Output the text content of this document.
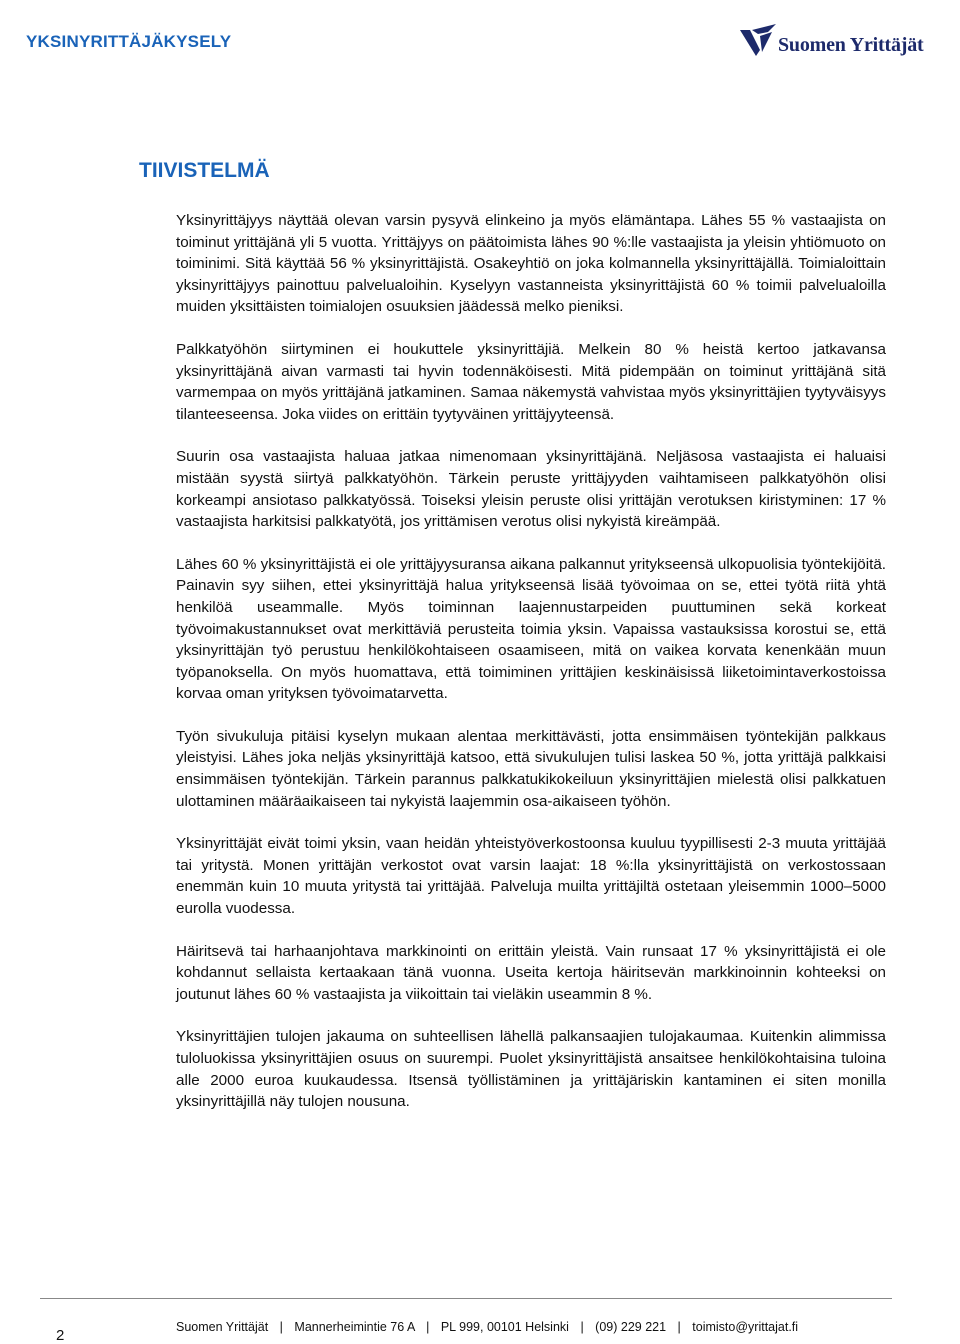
YKSINYRITTÄJÄKYSELY	Suomen Yrittäjät
TIIVISTELMÄ

Yksinyrittäjyys näyttää olevan varsin pysyvä elinkeino ja myös elämäntapa. Lähes 55 % vastaajista on toiminut yrittäjänä yli 5 vuotta. Yrittäjyys on päätoimista lähes 90 %:lle vastaajista ja yleisin yhtiömuoto on toiminimi. Sitä käyttää 56 % yksinyrittäjistä. Osakeyhtiö on joka kolmannella yksinyrittäjällä. Toimialoittain yksinyrittäjyys painottuu palvelualoihin. Kyselyyn vastanneista yksinyrittäjistä 60 % toimii palvelualoilla muiden yksittäisten toimialojen osuuksien jäädessä melko pieniksi.

Palkkatyöhön siirtyminen ei houkuttele yksinyrittäjiä. Melkein 80 % heistä kertoo jatkavansa yksinyrittäjänä aivan varmasti tai hyvin todennäköisesti. Mitä pidempään on toiminut yrittäjänä sitä varmempaa on myös yrittäjänä jatkaminen. Samaa näkemystä vahvistaa myös yksinyrittäjien tyytyväisyys tilanteeseensa. Joka viides on erittäin tyytyväinen yrittäjyyteensä.

Suurin osa vastaajista haluaa jatkaa nimenomaan yksinyrittäjänä. Neljäsosa vastaajista ei haluaisi mistään syystä siirtyä palkkatyöhön. Tärkein peruste yrittäjyyden vaihtamiseen palkkatyöhön olisi korkeampi ansiotaso palkkatyössä. Toiseksi yleisin peruste olisi yrittäjän verotuksen kiristyminen: 17 % vastaajista harkitsisi palkkatyötä, jos yrittämisen verotus olisi nykyistä kireämpää.

Lähes 60 % yksinyrittäjistä ei ole yrittäjyysuransa aikana palkannut yritykseensä ulkopuolisia työntekijöitä. Painavin syy siihen, ettei yksinyrittäjä halua yritykseensä lisää työvoimaa on se, ettei työtä riitä yhtä henkilöä useammalle. Myös toiminnan laajennustarpeiden puuttuminen sekä korkeat työvoimakustannukset ovat merkittäviä perusteita toimia yksin. Vapaissa vastauksissa korostui se, että yksinyrittäjän työ perustuu henkilökohtaiseen osaamiseen, mitä on vaikea korvata kenenkään muun työpanoksella. On myös huomattava, että toimiminen yrittäjien keskinäisissä liiketoimintaverkostoissa korvaa oman yrityksen työvoimatarvetta.

Työn sivukuluja pitäisi kyselyn mukaan alentaa merkittävästi, jotta ensimmäisen työntekijän palkkaus yleistyisi. Lähes joka neljäs yksinyrittäjä katsoo, että sivukulujen tulisi laskea 50 %, jotta yrittäjä palkkaisi ensimmäisen työntekijän. Tärkein parannus palkkatukikokeiluun yksinyrittäjien mielestä olisi palkkatuen ulottaminen määräaikaiseen tai nykyistä laajemmin osa-aikaiseen työhön.

Yksinyrittäjät eivät toimi yksin, vaan heidän yhteistyöverkostoonsa kuuluu tyypillisesti 2-3 muuta yrittäjää tai yritystä. Monen yrittäjän verkostot ovat varsin laajat: 18 %:lla yksinyrittäjistä on verkostossaan enemmän kuin 10 muuta yritystä tai yrittäjää. Palveluja muilta yrittäjiltä ostetaan yleisemmin 1000–5000 eurolla vuodessa.

Häiritsevä tai harhaanjohtava markkinointi on erittäin yleistä. Vain runsaat 17 % yksinyrittäjistä ei ole kohdannut sellaista kertaakaan tänä vuonna. Useita kertoja häiritsevän markkinoinnin kohteeksi on joutunut lähes 60 % vastaajista ja viikoittain tai vieläkin useammin 8 %.

Yksinyrittäjien tulojen jakauma on suhteellisen lähellä palkansaajien tulojakaumaa. Kuitenkin alimmissa tuloluokissa yksinyrittäjien osuus on suurempi. Puolet yksinyrittäjistä ansaitsee henkilökohtaisina tuloina alle 2000 euroa kuukaudessa. Itsensä työllistäminen ja yrittäjäriskin kantaminen ei siten monilla yksinyrittäjillä näy tulojen nousuna.

2	Suomen Yrittäjät | Mannerheimintie 76 A | PL 999, 00101 Helsinki | (09) 229 221 | toimisto@yrittajat.fi
